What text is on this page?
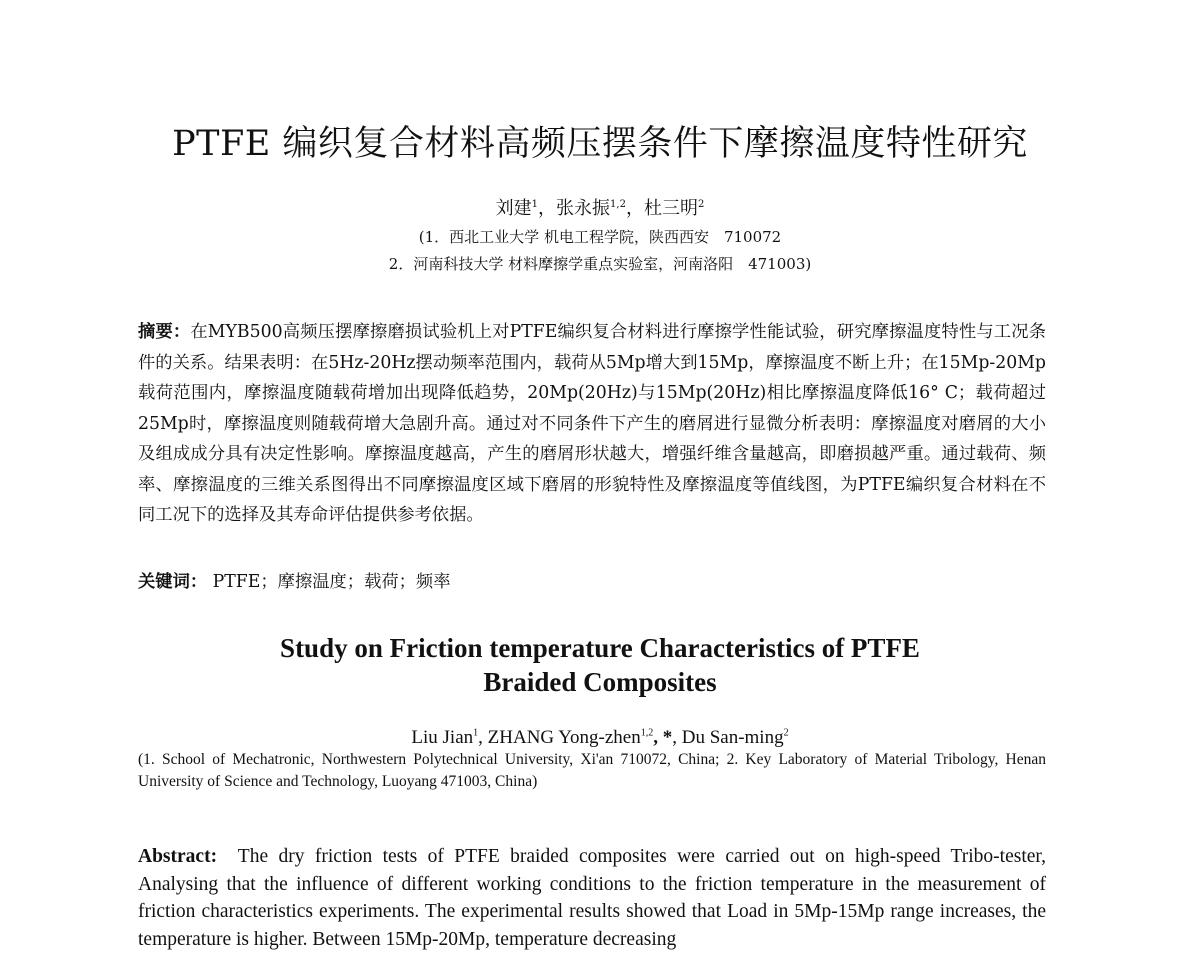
PTFE 编织复合材料高频压摆条件下摩擦温度特性研究
刘建$^1$，张永振$^{1,2}$，杜三明$^2$
(1．西北工业大学 机电工程学院，陕西西安　710072
2．河南科技大学 材料摩擦学重点实验室，河南洛阳　471003)
摘要：在MYB500高频压摆摩擦磨损试验机上对PTFE编织复合材料进行摩擦学性能试验，研究摩擦温度特性与工况条件的关系。结果表明：在5Hz-20Hz摆动频率范围内，载荷从5Mp增大到15Mp，摩擦温度不断上升；在15Mp-20Mp载荷范围内，摩擦温度随载荷增加出现降低趋势，20Mp(20Hz)与15Mp(20Hz)相比摩擦温度降低16° C；载荷超过25Mp时，摩擦温度则随载荷增大急剧升高。通过对不同条件下产生的磨屑进行显微分析表明：摩擦温度对磨屑的大小及组成成分具有决定性影响。摩擦温度越高，产生的磨屑形状越大，增强纤维含量越高，即磨损越严重。通过载荷、频率、摩擦温度的三维关系图得出不同摩擦温度区域下磨屑的形貌特性及摩擦温度等值线图，为PTFE编织复合材料在不同工况下的选择及其寿命评估提供参考依据。
关键词： PTFE；摩擦温度；载荷；频率
Study on Friction temperature Characteristics of PTFE
Braided Composites
Liu Jian$^1$, ZHANG Yong-zhen$^{1,2}$, *, Du San-ming$^2$
(1. School of Mechatronic, Northwestern Polytechnical University, Xi'an 710072, China; 2. Key Laboratory of Material Tribology, Henan University of Science and Technology, Luoyang 471003, China)
Abstract: The dry friction tests of PTFE braided composites were carried out on high-speed Tribo-tester, Analysing that the influence of different working conditions to the friction temperature in the measurement of friction characteristics experiments. The experimental results showed that Load in 5Mp-15Mp range increases, the temperature is higher. Between 15Mp-20Mp, temperature decreasing
